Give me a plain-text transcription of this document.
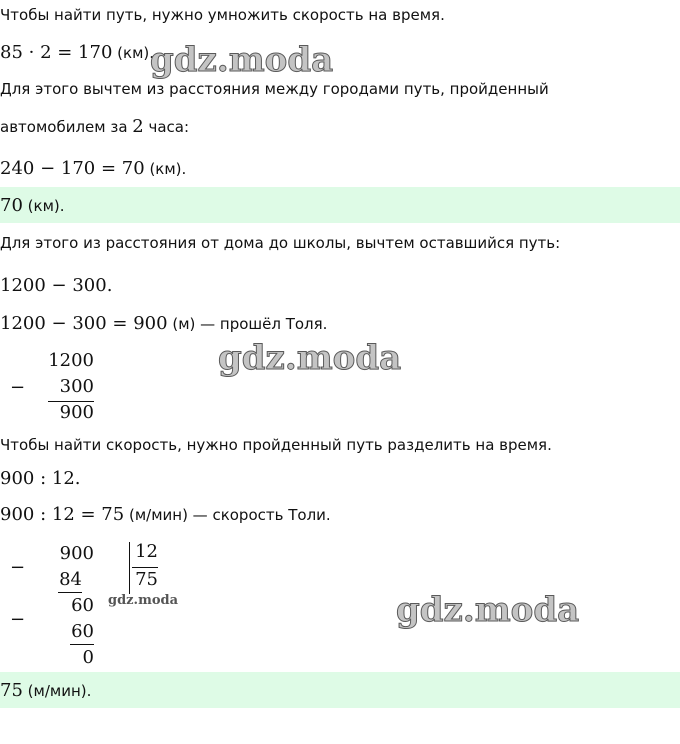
Чтобы найти путь, нужно умножить скорость на время.
85 · 2 = 170 (км).
gdz.moda
Для этого вычтем из расстояния между городами путь, пройденный
автомобилем за 2 часа:
240 − 170 = 70 (км).
70 (км).
Для этого из расстояния от дома до школы, вычтем оставшийся путь:
1200 − 300.
1200 − 300 = 900 (м) — прошёл Толя.
−
1200
300
900
gdz.moda
Чтобы найти скорость, нужно пройденный путь разделить на время.
900 : 12.
900 : 12 = 75 (м/мин) — скорость Толи.
−
−
900
84
60
60
0
12
75
gdz.moda	gdz.moda
75 (м/мин).
